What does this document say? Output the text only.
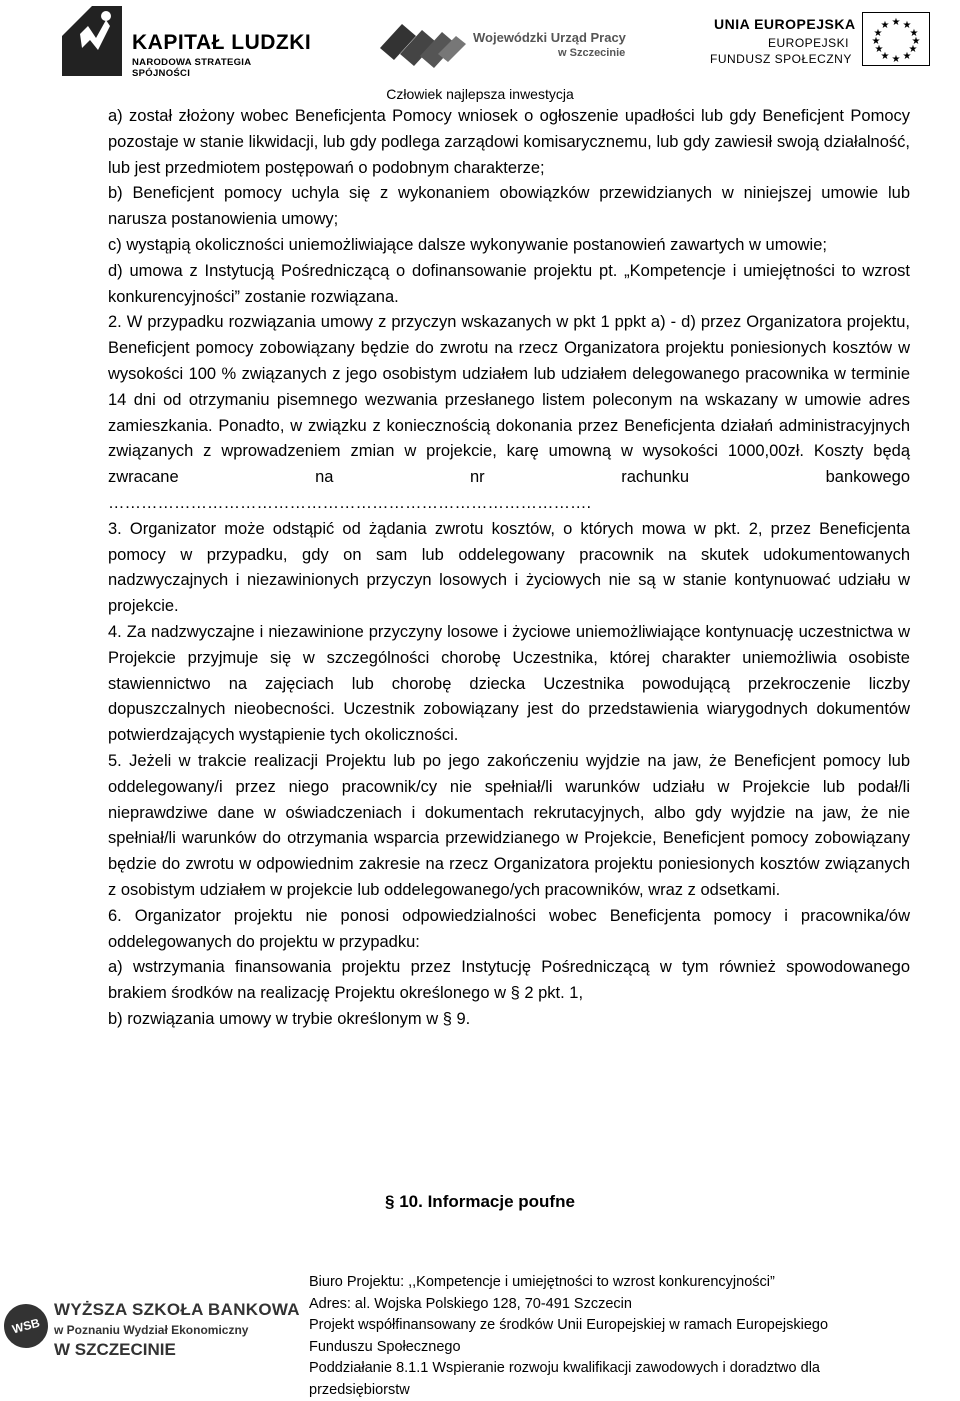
KAPITAŁ LUDZKI
NARODOWA STRATEGIA SPÓJNOŚCI
Wojewódzki Urząd Pracy
w Szczecinie
UNIA EUROPEJSKA
EUROPEJSKI
FUNDUSZ SPOŁECZNY
★ ★
★
★
★
★
★
★
★
★
★
★
Człowiek najlepsza inwestycja

a) został złożony wobec Beneficjenta Pomocy wniosek o ogłoszenie upadłości lub gdy Beneficjent Pomocy pozostaje w stanie likwidacji, lub gdy podlega zarządowi komisarycznemu, lub gdy zawiesił swoją działalność, lub jest przedmiotem postępowań o podobnym charakterze;

b) Beneficjent pomocy uchyla się z wykonaniem obowiązków przewidzianych w niniejszej umowie lub narusza postanowienia umowy;

c) wystąpią okoliczności uniemożliwiające dalsze wykonywanie postanowień zawartych w umowie;

d) umowa z Instytucją Pośredniczącą o dofinansowanie projektu pt. „Kompetencje i umiejętności to wzrost konkurencyjności” zostanie rozwiązana.

2. W przypadku rozwiązania umowy z przyczyn wskazanych w pkt 1 ppkt a) - d) przez Organizatora projektu, Beneficjent pomocy zobowiązany będzie do zwrotu na rzecz Organizatora projektu poniesionych kosztów w wysokości 100 % związanych z jego osobistym udziałem lub udziałem delegowanego pracownika w terminie 14 dni od otrzymaniu pisemnego wezwania przesłanego listem poleconym na wskazany w umowie adres zamieszkania. Ponadto, w związku z koniecznością dokonania przez Beneficjenta działań administracyjnych związanych z wprowadzeniem zmian w projekcie, karę umowną w wysokości 1000,00zł. Koszty będą zwracane na nr rachunku bankowego

…………………………………………………………………………….

3. Organizator może odstąpić od żądania zwrotu kosztów, o których mowa w pkt. 2, przez Beneficjenta pomocy w przypadku, gdy on sam lub oddelegowany pracownik na skutek udokumentowanych nadzwyczajnych i niezawinionych przyczyn losowych i życiowych nie są w stanie kontynuować udziału w projekcie.

4. Za nadzwyczajne i niezawinione przyczyny losowe i życiowe uniemożliwiające kontynuację uczestnictwa w Projekcie przyjmuje się w szczególności chorobę Uczestnika, której charakter uniemożliwia osobiste stawiennictwo na zajęciach lub chorobę dziecka Uczestnika powodującą przekroczenie liczby dopuszczalnych nieobecności. Uczestnik zobowiązany jest do przedstawienia wiarygodnych dokumentów potwierdzających wystąpienie tych okoliczności.

5. Jeżeli w trakcie realizacji Projektu lub po jego zakończeniu wyjdzie na jaw, że Beneficjent pomocy lub oddelegowany/i przez niego pracownik/cy nie spełniał/li warunków udziału w Projekcie lub podał/li nieprawdziwe dane w oświadczeniach i dokumentach rekrutacyjnych, albo gdy wyjdzie na jaw, że nie spełniał/li warunków do otrzymania wsparcia przewidzianego w Projekcie, Beneficjent pomocy zobowiązany będzie do zwrotu w odpowiednim zakresie na rzecz Organizatora projektu poniesionych kosztów związanych z osobistym udziałem w projekcie lub oddelegowanego/ych pracowników, wraz z odsetkami.

6. Organizator projektu nie ponosi odpowiedzialności wobec Beneficjenta pomocy i pracownika/ów oddelegowanych do projektu w przypadku:

a) wstrzymania finansowania projektu przez Instytucję Pośredniczącą w tym również spowodowanego brakiem środków na realizację Projektu określonego w § 2 pkt. 1,

b) rozwiązania umowy w trybie określonym w § 9.

§ 10. Informacje poufne
WSB
WYŻSZA SZKOŁA BANKOWA
w Poznaniu Wydział Ekonomiczny
W SZCZECINIE
Biuro Projektu: ,,Kompetencje i umiejętności to wzrost konkurencyjności”
Adres: al. Wojska Polskiego 128, 70-491 Szczecin
Projekt współfinansowany ze środków Unii Europejskiej w ramach Europejskiego
Funduszu Społecznego
Poddziałanie 8.1.1 Wspieranie rozwoju kwalifikacji zawodowych i doradztwo dla
przedsiębiorstw
